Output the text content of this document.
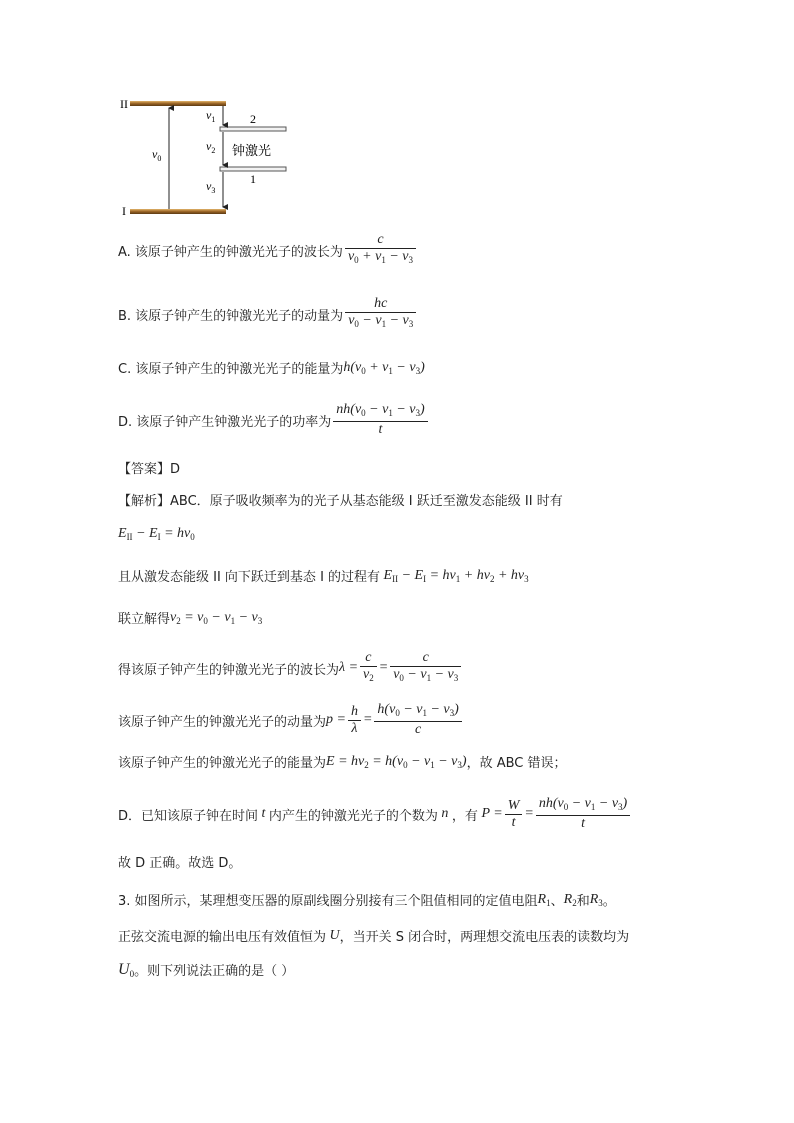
II
I
2
1
$\nu_0$
$\nu_1$
$\nu_2$
$\nu_3$
钟激光
A. 该原子钟产生的钟激光光子的波长为 $\frac{c}{\nu_0 + \nu_1 - \nu_3}$
B. 该原子钟产生的钟激光光子的动量为 $\frac{hc}{\nu_0 - \nu_1 - \nu_3}$
C. 该原子钟产生的钟激光光子的能量为 $h(\nu_0 + \nu_1 - \nu_3)$
D. 该原子钟产生钟激光光子的功率为 $\frac{nh(\nu_0 - \nu_1 - \nu_3)}{t}$
【答案】D
【解析】ABC．原子吸收频率为的光子从基态能级 I 跃迁至激发态能级 II 时有
$E_{II} - E_I = h\nu_0$
且从激发态能级 II 向下跃迁到基态 I 的过程有 $E_{II} - E_I = h\nu_1 + h\nu_2 + h\nu_3$
联立解得 $\nu_2 = \nu_0 - \nu_1 - \nu_3$
得该原子钟产生的钟激光光子的波长为 $\lambda = \frac{c}{\nu_2} = \frac{c}{\nu_0 - \nu_1 - \nu_3}$
该原子钟产生的钟激光光子的动量为 $p = \frac{h}{\lambda} = \frac{h(\nu_0 - \nu_1 - \nu_3)}{c}$
该原子钟产生的钟激光光子的能量为 $E = h\nu_2 = h(\nu_0 - \nu_1 - \nu_3)$ ，故 ABC 错误；
D．已知该原子钟在时间 t 内产生的钟激光光子的个数为 n ，有 $P = \frac{W}{t} = \frac{nh(\nu_0 - \nu_1 - \nu_3)}{t}$
故 D 正确。故选 D。
3. 如图所示，某理想变压器的原副线圈分别接有三个阻值相同的定值电阻 $R_1$ 、 $R_2$ 和 $R_3$ 。
正弦交流电源的输出电压有效值恒为 U ，当开关 S 闭合时，两理想交流电压表的读数均为
$U_0$ 。则下列说法正确的是（ ）
